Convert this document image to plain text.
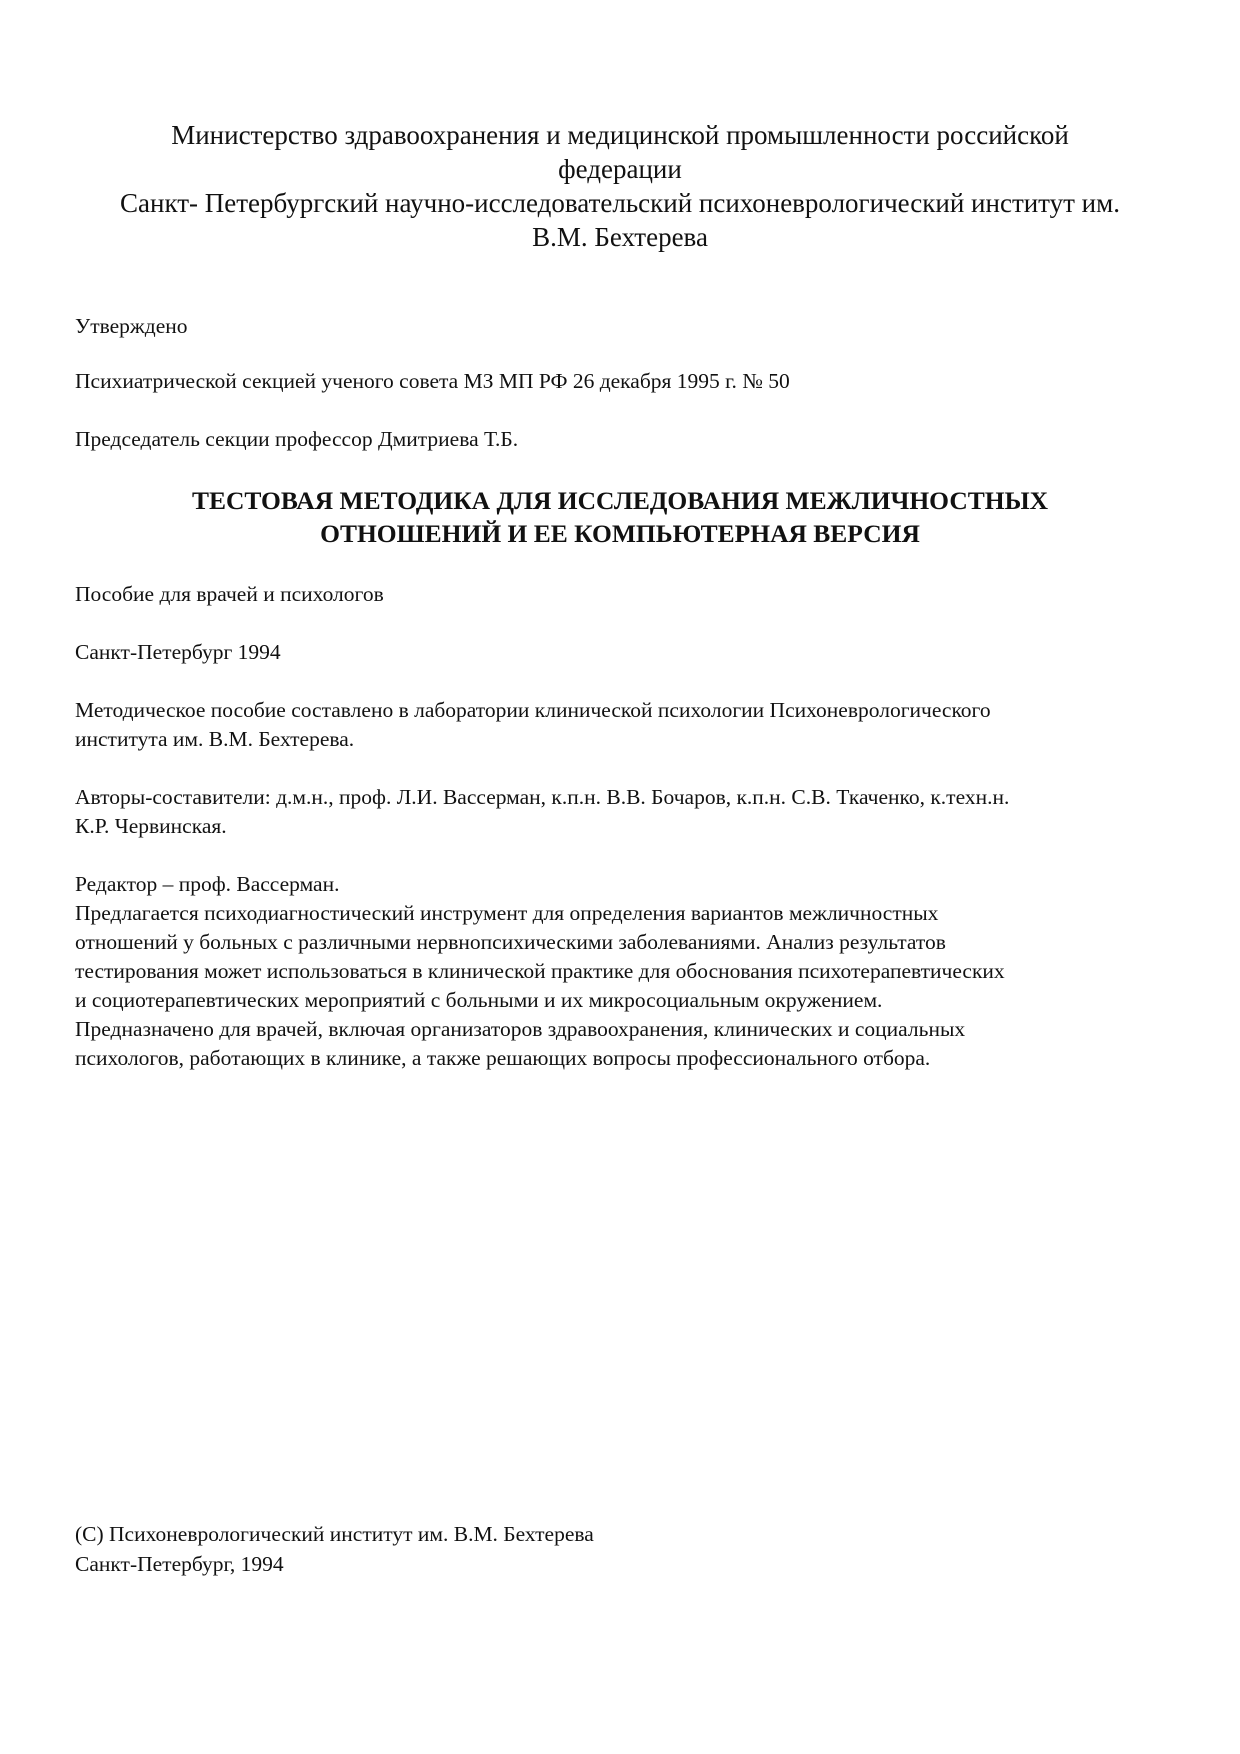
Министерство здравоохранения и медицинской промышленности российской
федерации
Санкт- Петербургский научно-исследовательский психоневрологический институт им.
В.М. Бехтерева
Утверждено
Психиатрической секцией ученого совета МЗ МП РФ 26 декабря 1995 г. № 50
Председатель секции профессор Дмитриева Т.Б.
ТЕСТОВАЯ МЕТОДИКА ДЛЯ ИССЛЕДОВАНИЯ МЕЖЛИЧНОСТНЫХ
ОТНОШЕНИЙ И ЕЕ КОМПЬЮТЕРНАЯ ВЕРСИЯ
Пособие для врачей и психологов
Санкт-Петербург 1994
Методическое пособие составлено в лаборатории клинической психологии Психоневрологического
института им. В.М. Бехтерева.
Авторы-составители: д.м.н., проф. Л.И. Вассерман, к.п.н. В.В. Бочаров, к.п.н. С.В. Ткаченко, к.техн.н.
К.Р. Червинская.
Редактор – проф. Вассерман.
Предлагается психодиагностический инструмент для определения вариантов межличностных
отношений у больных с различными нервнопсихическими заболеваниями. Анализ результатов
тестирования может использоваться в клинической практике для обоснования психотерапевтических
и социотерапевтических мероприятий с больными и их микросоциальным окружением.
Предназначено для врачей, включая организаторов здравоохранения, клинических и социальных
психологов, работающих в клинике, а также решающих вопросы профессионального отбора.
(С) Психоневрологический институт им. В.М. Бехтерева
Санкт-Петербург, 1994
